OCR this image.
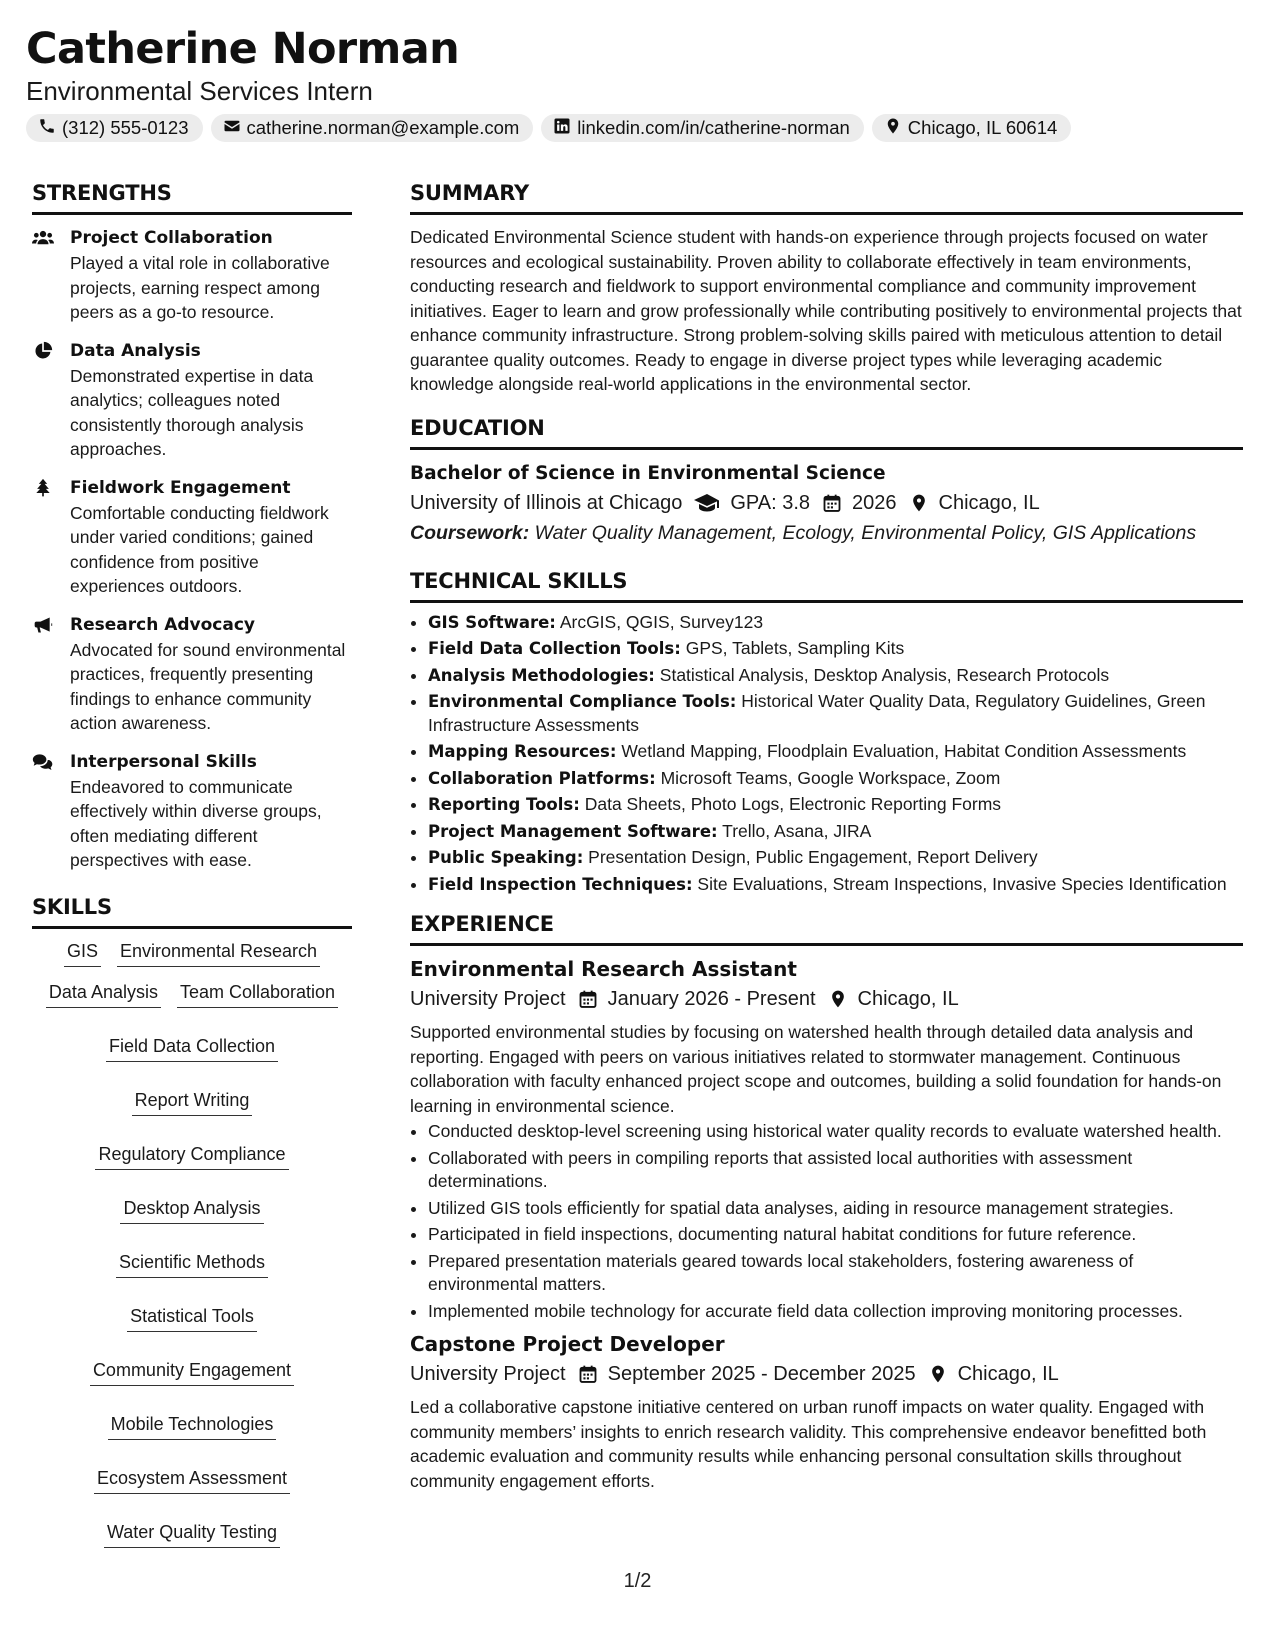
Catherine Norman
Environmental Services Intern
(312) 555-0123	catherine.norman@example.com	linkedin.com/in/catherine-norman	Chicago, IL 60614
STRENGTHS
Project Collaboration
Played a vital role in collaborative projects, earning respect among peers as a go-to resource.
Data Analysis
Demonstrated expertise in data analytics; colleagues noted consistently thorough analysis approaches.
Fieldwork Engagement
Comfortable conducting fieldwork under varied conditions; gained confidence from positive experiences outdoors.
Research Advocacy
Advocated for sound environmental practices, frequently presenting findings to enhance community action awareness.
Interpersonal Skills
Endeavored to communicate effectively within diverse groups, often mediating different perspectives with ease.
SKILLS
GIS Environmental Research
Data Analysis Team Collaboration
Field Data Collection
Report Writing
Regulatory Compliance
Desktop Analysis
Scientific Methods
Statistical Tools
Community Engagement
Mobile Technologies
Ecosystem Assessment
Water Quality Testing
SUMMARY

Dedicated Environmental Science student with hands-on experience through projects focused on water resources and ecological sustainability. Proven ability to collaborate effectively in team environments, conducting research and fieldwork to support environmental compliance and community improvement initiatives. Eager to learn and grow professionally while contributing positively to environmental projects that enhance community infrastructure. Strong problem-solving skills paired with meticulous attention to detail guarantee quality outcomes. Ready to engage in diverse project types while leveraging academic knowledge alongside real-world applications in the environmental sector.

EDUCATION
Bachelor of Science in Environmental Science
University of Illinois at Chicago GPA: 3.8 2026 Chicago, IL
Coursework: Water Quality Management, Ecology, Environmental Policy, GIS Applications
TECHNICAL SKILLS
• GIS Software: ArcGIS, QGIS, Survey123
• Field Data Collection Tools: GPS, Tablets, Sampling Kits
• Analysis Methodologies: Statistical Analysis, Desktop Analysis, Research Protocols
• Environmental Compliance Tools: Historical Water Quality Data, Regulatory Guidelines, Green Infrastructure Assessments
• Mapping Resources: Wetland Mapping, Floodplain Evaluation, Habitat Condition Assessments
• Collaboration Platforms: Microsoft Teams, Google Workspace, Zoom
• Reporting Tools: Data Sheets, Photo Logs, Electronic Reporting Forms
• Project Management Software: Trello, Asana, JIRA
• Public Speaking: Presentation Design, Public Engagement, Report Delivery
• Field Inspection Techniques: Site Evaluations, Stream Inspections, Invasive Species Identification
EXPERIENCE
Environmental Research Assistant
University Project January 2026 - Present Chicago, IL

Supported environmental studies by focusing on watershed health through detailed data analysis and reporting. Engaged with peers on various initiatives related to stormwater management. Continuous collaboration with faculty enhanced project scope and outcomes, building a solid foundation for hands-on learning in environmental science.

• Conducted desktop-level screening using historical water quality records to evaluate watershed health.
• Collaborated with peers in compiling reports that assisted local authorities with assessment determinations.
• Utilized GIS tools efficiently for spatial data analyses, aiding in resource management strategies.
• Participated in field inspections, documenting natural habitat conditions for future reference.
• Prepared presentation materials geared towards local stakeholders, fostering awareness of environmental matters.
• Implemented mobile technology for accurate field data collection improving monitoring processes.
Capstone Project Developer
University Project September 2025 - December 2025 Chicago, IL

Led a collaborative capstone initiative centered on urban runoff impacts on water quality. Engaged with community members’ insights to enrich research validity. This comprehensive endeavor benefitted both academic evaluation and community results while enhancing personal consultation skills throughout community engagement efforts.

1/2
